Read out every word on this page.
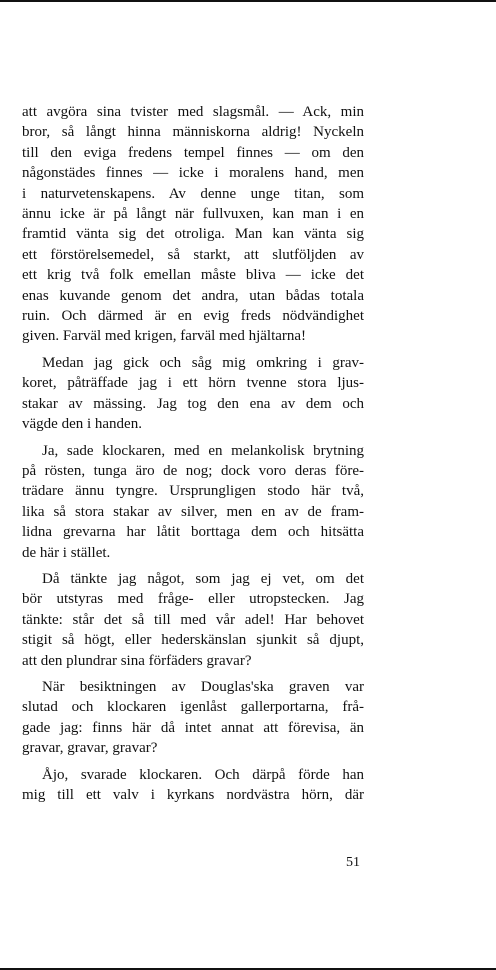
att avgöra sina tvister med slagsmål. — Ack, min
bror, så långt hinna människorna aldrig! Nyckeln
till den eviga fredens tempel finnes — om den
någonstädes finnes — icke i moralens hand, men
i naturvetenskapens. Av denne unge titan, som
ännu icke är på långt när fullvuxen, kan man i en
framtid vänta sig det otroliga. Man kan vänta sig
ett förstörelsemedel, så starkt, att slutföljden av
ett krig två folk emellan måste bliva — icke det
enas kuvande genom det andra, utan bådas totala
ruin. Och därmed är en evig freds nödvändighet
given. Farväl med krigen, farväl med hjältarna!
Medan jag gick och såg mig omkring i grav-
koret, påträffade jag i ett hörn tvenne stora ljus-
stakar av mässing. Jag tog den ena av dem och
vägde den i handen.
Ja, sade klockaren, med en melankolisk brytning
på rösten, tunga äro de nog; dock voro deras före-
trädare ännu tyngre. Ursprungligen stodo här två,
lika så stora stakar av silver, men en av de fram-
lidna grevarna har låtit borttaga dem och hitsätta
de här i stället.
Då tänkte jag något, som jag ej vet, om det
bör utstyras med fråge- eller utropstecken. Jag
tänkte: står det så till med vår adel! Har behovet
stigit så högt, eller hederskänslan sjunkit så djupt,
att den plundrar sina förfäders gravar?
När besiktningen av Douglas'ska graven var
slutad och klockaren igenlåst gallerportarna, frå-
gade jag: finns här då intet annat att förevisa, än
gravar, gravar, gravar?
Åjo, svarade klockaren. Och därpå förde han
mig till ett valv i kyrkans nordvästra hörn, där
51
